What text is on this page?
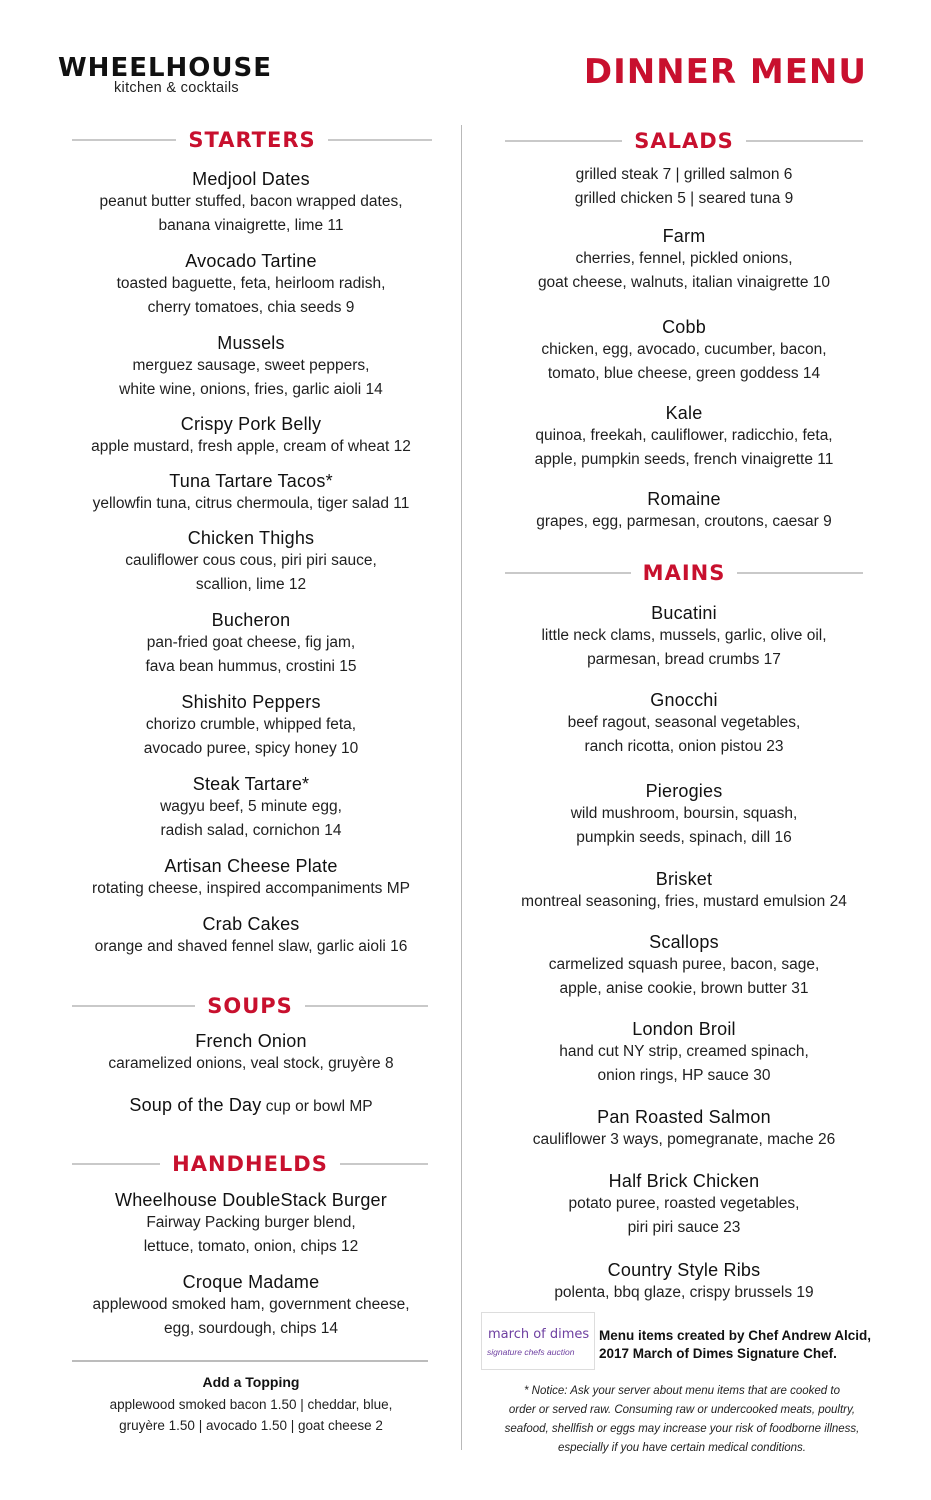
WHEELHOUSE
kitchen & cocktails	DINNER MENU
STARTERS
Medjool Dates
peanut butter stuffed, bacon wrapped dates,
banana vinaigrette, lime 11
Avocado Tartine
toasted baguette, feta, heirloom radish,
cherry tomatoes, chia seeds 9
Mussels
merguez sausage, sweet peppers,
white wine, onions, fries, garlic aioli 14
Crispy Pork Belly
apple mustard, fresh apple, cream of wheat 12
Tuna Tartare Tacos*
yellowfin tuna, citrus chermoula, tiger salad 11
Chicken Thighs
cauliflower cous cous, piri piri sauce,
scallion, lime 12
Bucheron
pan-fried goat cheese, fig jam,
fava bean hummus, crostini 15
Shishito Peppers
chorizo crumble, whipped feta,
avocado puree, spicy honey 10
Steak Tartare*
wagyu beef, 5 minute egg,
radish salad, cornichon 14
Artisan Cheese Plate
rotating cheese, inspired accompaniments MP
Crab Cakes
orange and shaved fennel slaw, garlic aioli 16
SOUPS
French Onion
caramelized onions, veal stock, gruyère 8
Soup of the Day cup or bowl MP
HANDHELDS
Wheelhouse DoubleStack Burger
Fairway Packing burger blend,
lettuce, tomato, onion, chips 12
Croque Madame
applewood smoked ham, government cheese,
egg, sourdough, chips 14
Add a Topping
applewood smoked bacon 1.50 | cheddar, blue,
gruyère 1.50 | avocado 1.50 | goat cheese 2
SALADS
grilled steak 7 | grilled salmon 6
grilled chicken 5 | seared tuna 9
Farm
cherries, fennel, pickled onions,
goat cheese, walnuts, italian vinaigrette 10
Cobb
chicken, egg, avocado, cucumber, bacon,
tomato, blue cheese, green goddess 14
Kale
quinoa, freekah, cauliflower, radicchio, feta,
apple, pumpkin seeds, french vinaigrette 11
Romaine
grapes, egg, parmesan, croutons, caesar 9
MAINS
Bucatini
little neck clams, mussels, garlic, olive oil,
parmesan, bread crumbs 17
Gnocchi
beef ragout, seasonal vegetables,
ranch ricotta, onion pistou 23
Pierogies
wild mushroom, boursin, squash,
pumpkin seeds, spinach, dill 16
Brisket
montreal seasoning, fries, mustard emulsion 24
Scallops
carmelized squash puree, bacon, sage,
apple, anise cookie, brown butter 31
London Broil
hand cut NY strip, creamed spinach,
onion rings, HP sauce 30
Pan Roasted Salmon
cauliflower 3 ways, pomegranate, mache 26
Half Brick Chicken
potato puree, roasted vegetables,
piri piri sauce 23
Country Style Ribs
polenta, bbq glaze, crispy brussels 19
march of dimes
signature chefs auction
Menu items created by Chef Andrew Alcid,
2017 March of Dimes Signature Chef.
* Notice: Ask your server about menu items that are cooked to
order or served raw. Consuming raw or undercooked meats, poultry,
seafood, shellfish or eggs may increase your risk of foodborne illness,
especially if you have certain medical conditions.
